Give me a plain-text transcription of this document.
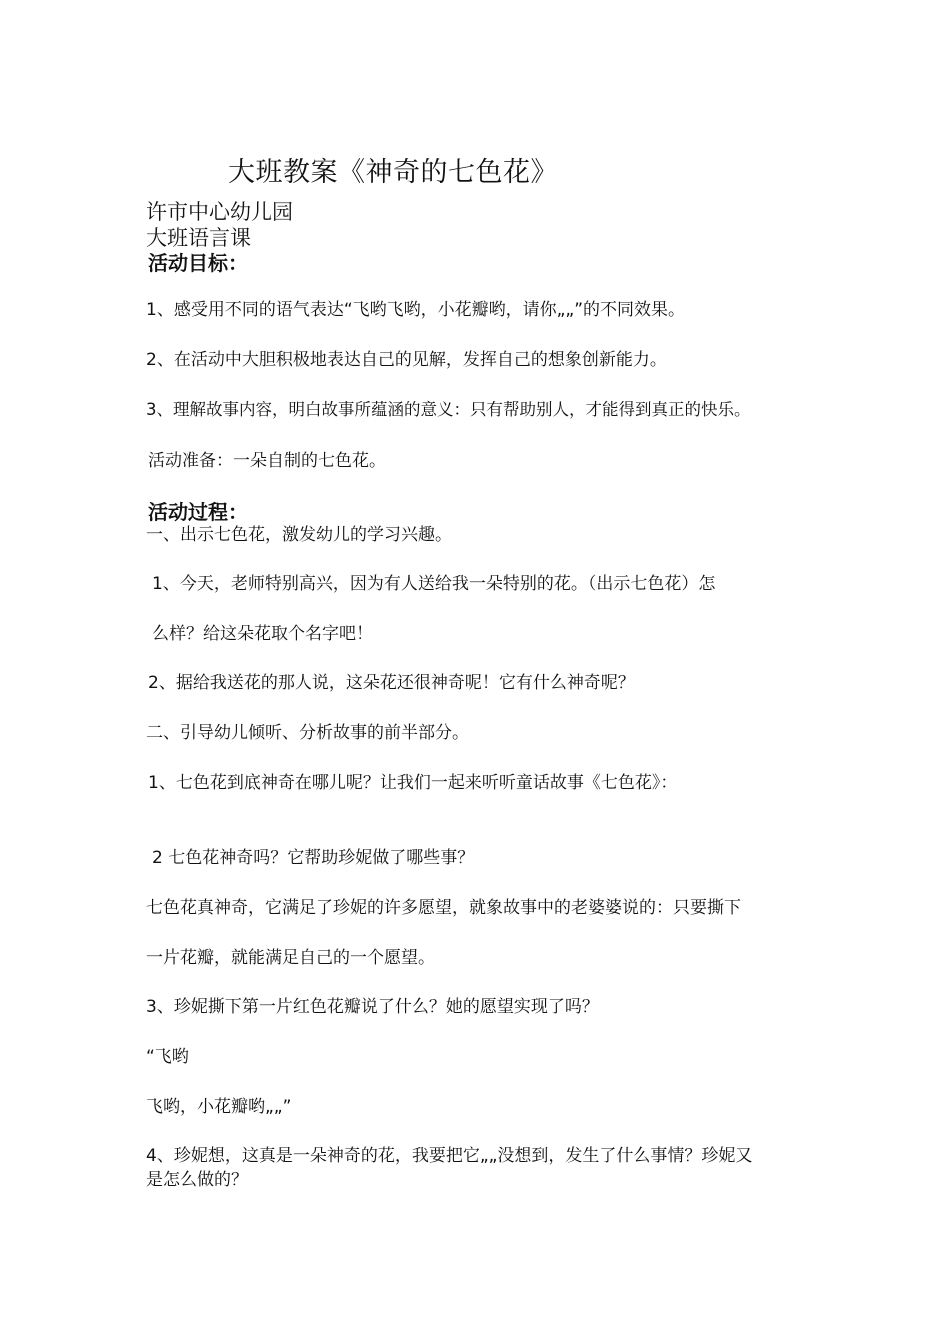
大班教案《神奇的七色花》
许市中心幼儿园
大班语言课
活动目标：
1、感受用不同的语气表达“飞哟飞哟，小花瓣哟，请你„„”的不同效果。
2、在活动中大胆积极地表达自己的见解，发挥自己的想象创新能力。
3、理解故事内容，明白故事所蕴涵的意义：只有帮助别人，才能得到真正的快乐。
活动准备：一朵自制的七色花。
活动过程：
一、出示七色花，激发幼儿的学习兴趣。
1、今天，老师特别高兴，因为有人送给我一朵特别的花。（出示七色花）怎
么样？给这朵花取个名字吧！
2、据给我送花的那人说，这朵花还很神奇呢！它有什么神奇呢？
二、引导幼儿倾听、分析故事的前半部分。
1、七色花到底神奇在哪儿呢？让我们一起来听听童话故事《七色花》：
2 七色花神奇吗？它帮助珍妮做了哪些事？
七色花真神奇，它满足了珍妮的许多愿望，就象故事中的老婆婆说的：只要撕下
一片花瓣，就能满足自己的一个愿望。
3、珍妮撕下第一片红色花瓣说了什么？她的愿望实现了吗？
“飞哟
飞哟，小花瓣哟„„”
4、珍妮想，这真是一朵神奇的花，我要把它„„没想到，发生了什么事情？珍妮又
是怎么做的？
